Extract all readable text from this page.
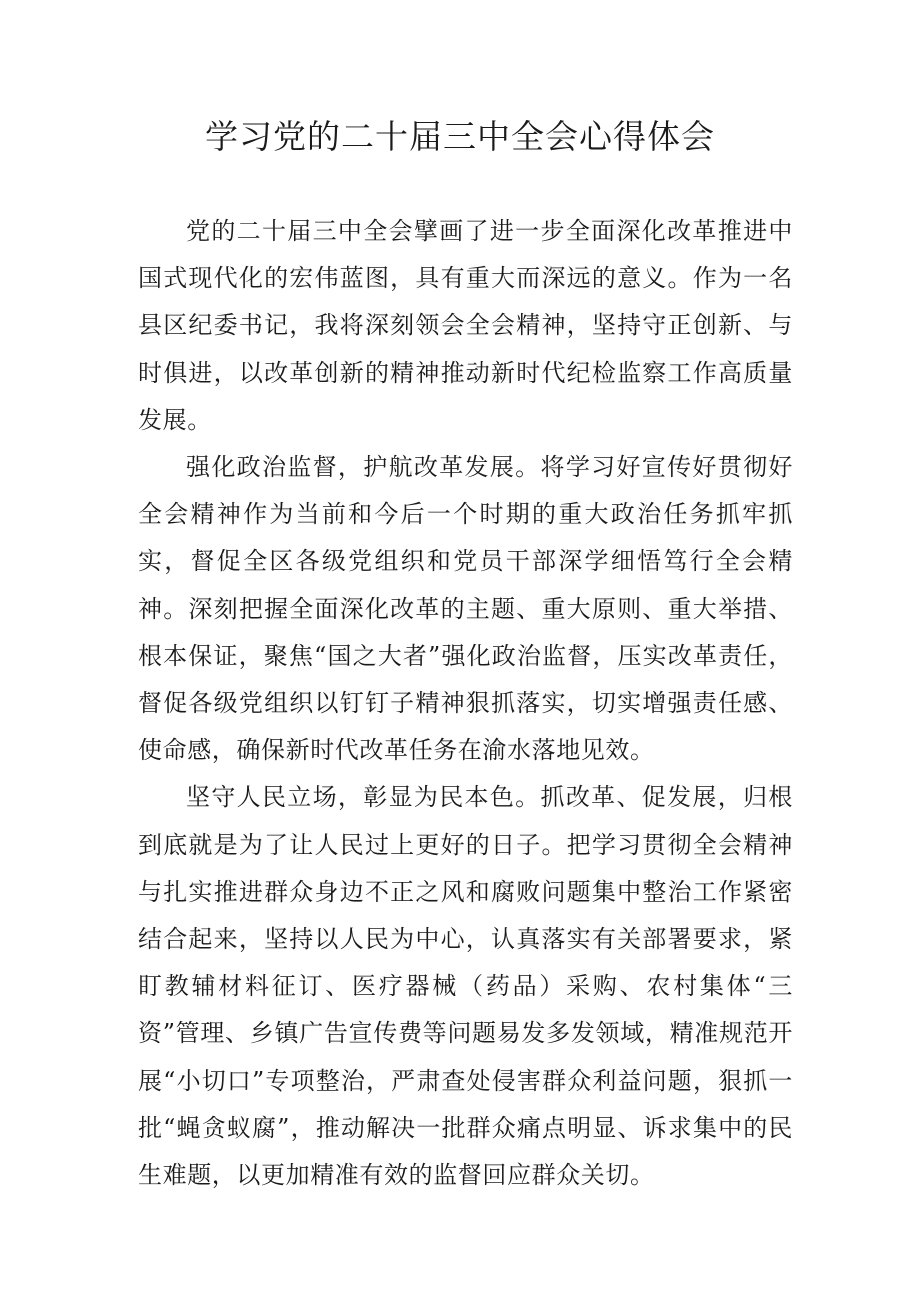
学习党的二十届三中全会心得体会

党的二十届三中全会擘画了进一步全面深化改革推进中国式现代化的宏伟蓝图，具有重大而深远的意义。作为一名县区纪委书记，我将深刻领会全会精神，坚持守正创新、与时俱进，以改革创新的精神推动新时代纪检监察工作高质量发展。

强化政治监督，护航改革发展。将学习好宣传好贯彻好全会精神作为当前和今后一个时期的重大政治任务抓牢抓实，督促全区各级党组织和党员干部深学细悟笃行全会精神。深刻把握全面深化改革的主题、重大原则、重大举措、根本保证，聚焦“国之大者”强化政治监督，压实改革责任，督促各级党组织以钉钉子精神狠抓落实，切实增强责任感、使命感，确保新时代改革任务在渝水落地见效。

坚守人民立场，彰显为民本色。抓改革、促发展，归根到底就是为了让人民过上更好的日子。把学习贯彻全会精神与扎实推进群众身边不正之风和腐败问题集中整治工作紧密结合起来，坚持以人民为中心，认真落实有关部署要求，紧盯教辅材料征订、医疗器械（药品）采购、农村集体“三资”管理、乡镇广告宣传费等问题易发多发领域，精准规范开展“小切口”专项整治，严肃查处侵害群众利益问题，狠抓一批“蝇贪蚁腐”，推动解决一批群众痛点明显、诉求集中的民生难题，以更加精准有效的监督回应群众关切。
